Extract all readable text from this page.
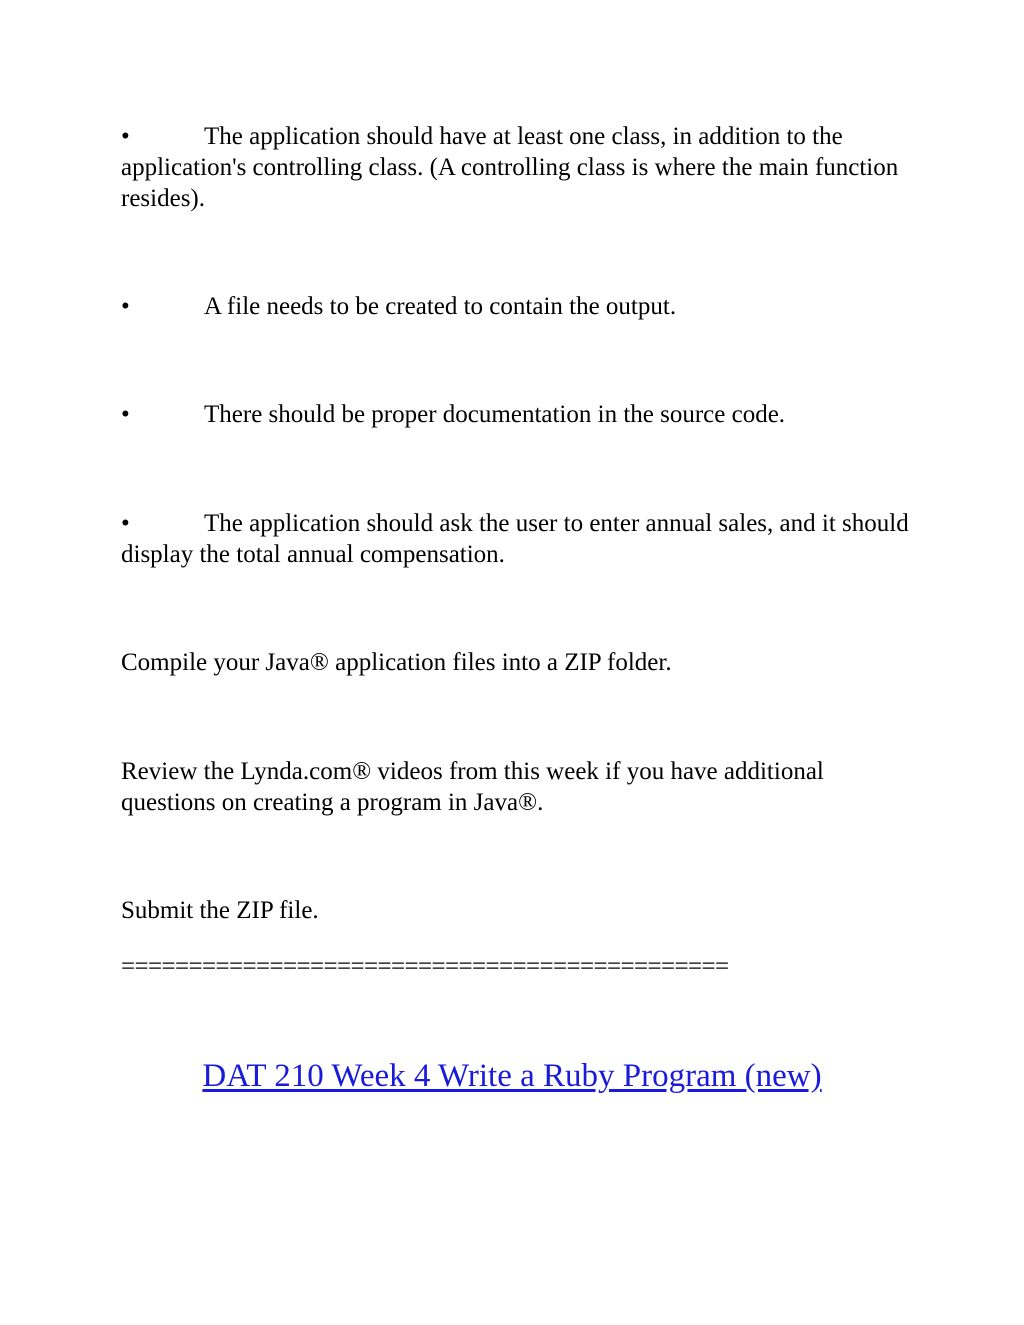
•	The application should have at least one class, in addition to the application's controlling class. (A controlling class is where the main function resides).

•	A file needs to be created to contain the output.

•	There should be proper documentation in the source code.

•	The application should ask the user to enter annual sales, and it should display the total annual compensation.

Compile your Java® application files into a ZIP folder.

Review the Lynda.com® videos from this week if you have additional questions on creating a program in Java®.

Submit the ZIP file.

=============================================

DAT 210 Week 4 Write a Ruby Program (new)
